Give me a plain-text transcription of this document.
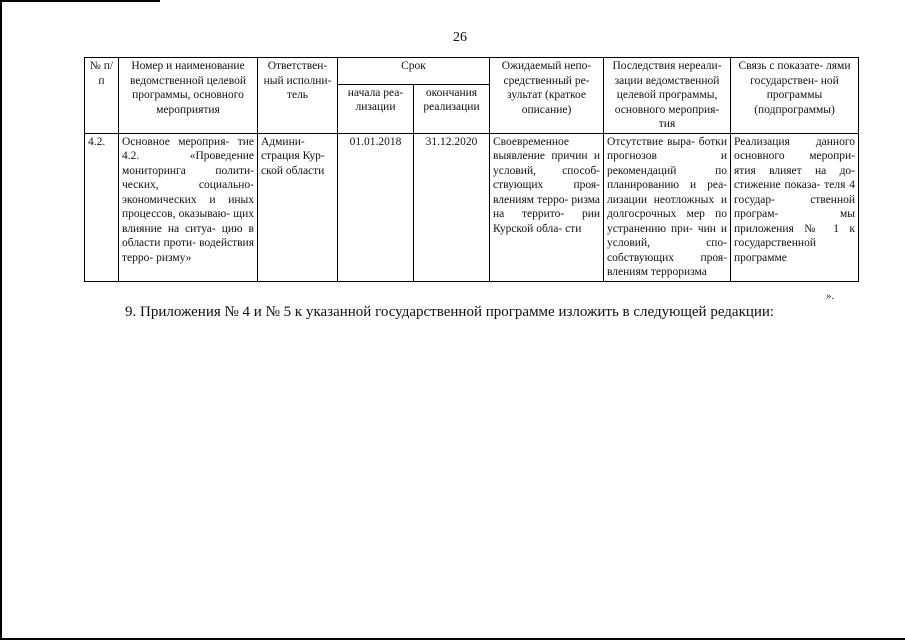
26
№ п/п	Номер и наименование ведомственной целевой программы, основного мероприятия	Ответствен- ный исполни- тель	Срок		Ожидаемый непо- средственный ре- зультат (краткое описание)	Последствия нереали- зации ведомственной целевой программы, основного мероприя- тия	Связь с показате- лями государствен- ной программы (подпрограммы)
			начала реа- лизации	окончания реализации			
4.2.	Основное мероприя- тие 4.2. «Проведение мониторинга полити- ческих, социально- экономических и иных процессов, оказываю- щих влияние на ситуа- цию в области проти- водействия терро- ризму»	Админи- страция Кур- ской области	01.01.2018	31.12.2020	Своевременное выявление причин и условий, способ- ствующих проя- влениям терро- ризма на террито- рии Курской обла- сти	Отсутствие выра- ботки прогнозов и рекомендаций по планированию и реа- лизации неотложных и долгосрочных мер по устранению при- чин и условий, спо- собствующих проя- влениям терроризма	Реализация данного основного меропри- ятия влияет на до- стижение показа- теля 4 государ- ственной програм- мы приложения № 1 к государственной программе
».
9. Приложения № 4 и № 5 к указанной государственной программе изложить в следующей редакции:
